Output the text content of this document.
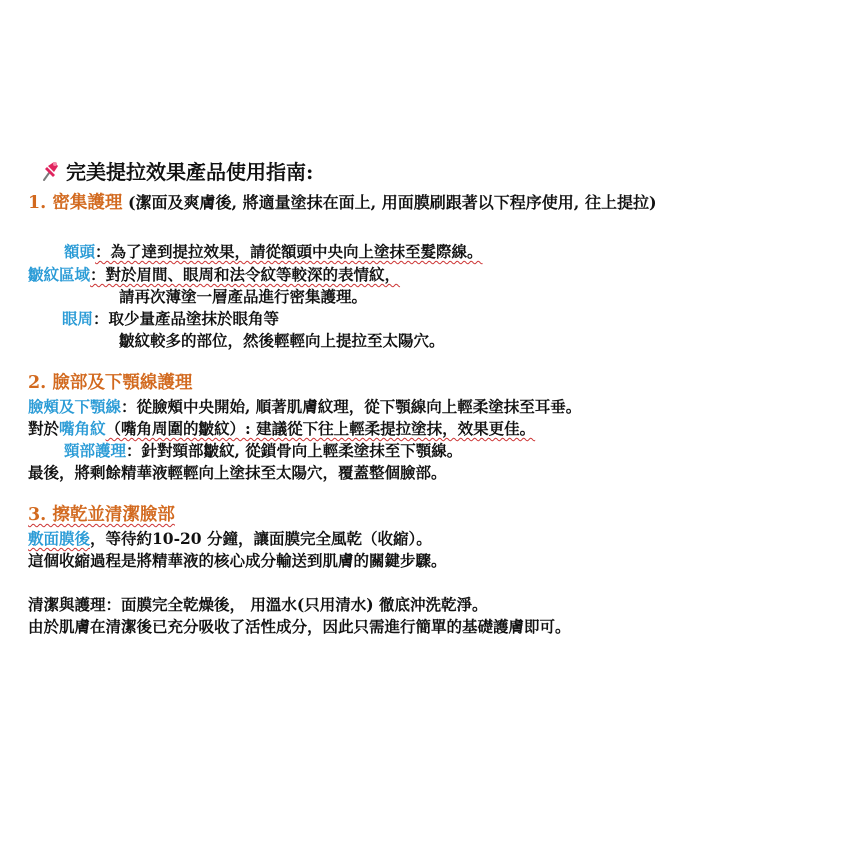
完美提拉效果產品使用指南:
1. 密集護理 (潔面及爽膚後, 將適量塗抹在面上, 用面膜刷跟著以下程序使用, 往上提拉)
額頭：為了達到提拉效果，請從額頭中央向上塗抹至髮際線。
皺紋區域：對於眉間、眼周和法令紋等較深的表情紋，
請再次薄塗一層產品進行密集護理。
眼周：取少量產品塗抹於眼角等
皺紋較多的部位，然後輕輕向上提拉至太陽穴。
2. 臉部及下顎線護理
臉頰及下顎線：從臉頰中央開始, 順著肌膚紋理，從下顎線向上輕柔塗抹至耳垂。
對於嘴角紋（嘴角周圍的皺紋）: 建議從下往上輕柔提拉塗抹，效果更佳。
頸部護理：針對頸部皺紋, 從鎖骨向上輕柔塗抹至下顎線。
最後，將剩餘精華液輕輕向上塗抹至太陽穴，覆蓋整個臉部。
3. 擦乾並清潔臉部
敷面膜後，等待約10-20 分鐘，讓面膜完全風乾（收縮）。
這個收縮過程是將精華液的核心成分輸送到肌膚的關鍵步驟。
清潔與護理：面膜完全乾燥後， 用溫水(只用清水) 徹底沖洗乾淨。
由於肌膚在清潔後已充分吸收了活性成分，因此只需進行簡單的基礎護膚即可。
